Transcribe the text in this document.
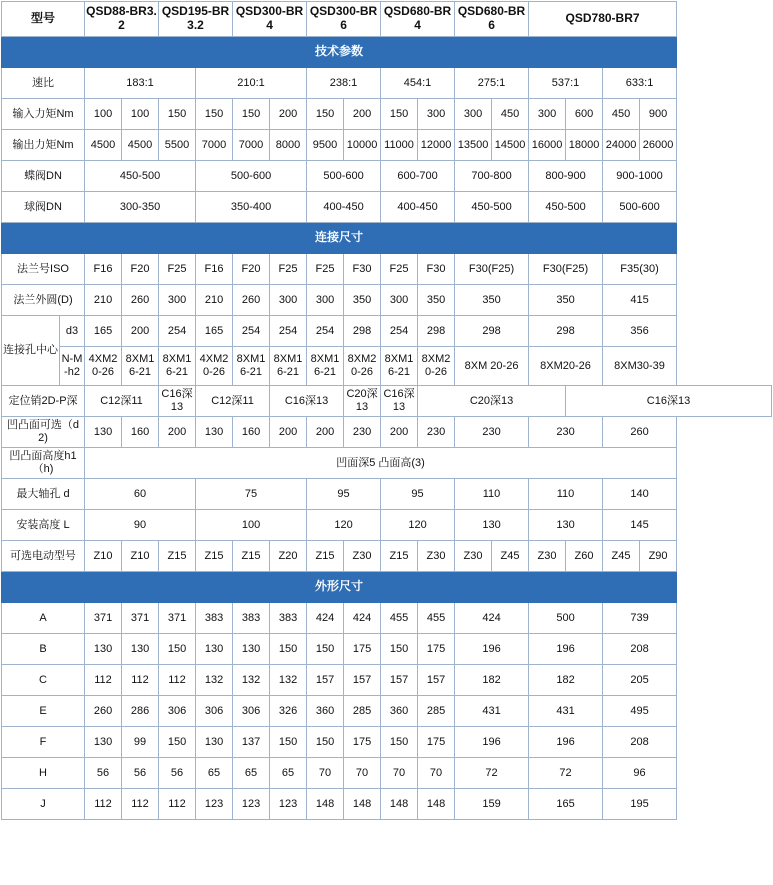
型号		QSD88-BR3.2		QSD195-BR3.2		QSD300-BR4		QSD300-BR6		QSD680-BR4		QSD680-BR6		QSD780-BR7			
技术参数																	
速比		183:1			210:1			238:1		454:1		275:1		537:1		633:1	
输入力矩Nm		100	100	150	150	150	200	150	200	150	300	300	450	300	600	450	900
输出力矩Nm		4500	4500	5500	7000	7000	8000	9500	10000	11000	12000	13500	14500	16000	18000	24000	26000
蝶阀DN		450-500			500-600			500-600		600-700		700-800		800-900		900-1000	
球阀DN		300-350			350-400			400-450		400-450		450-500		450-500		500-600	
连接尺寸																	
法兰号ISO		F16	F20	F25	F16	F20	F25	F25	F30	F25	F30	F30(F25)		F30(F25)		F35(30)	
法兰外圆(D)		210	260	300	210	260	300	300	350	300	350	350		350		415	
连接孔中心	d3	165	200	254	165	254	254	254	298	254	298	298		298		356	
	N-M-h2	4XM20-26	8XM16-21	8XM16-21	4XM20-26	8XM16-21	8XM16-21	8XM16-21	8XM20-26	8XM16-21	8XM20-26	8XM 20-26		8XM20-26		8XM30-39	
定位销2D-P深		C12深11		C16深13	C12深11		C16深13		C20深13	C16深13	C20深13				C16深13		
凹凸面可选（d2)		130	160	200	130	160	200	200	230	200	230	230		230		260	
凹凸面高度h1（h)		凹面深5 凸面高(3)															
最大轴孔 d		60			75			95		95		110		110		140	
安装高度 L		90			100			120		120		130		130		145	
可选电动型号		Z10	Z10	Z15	Z15	Z15	Z20	Z15	Z30	Z15	Z30	Z30	Z45	Z30	Z60	Z45	Z90
外形尺寸																	
A		371	371	371	383	383	383	424	424	455	455	424		500		739	
B		130	130	150	130	130	150	150	175	150	175	196		196		208	
C		112	112	112	132	132	132	157	157	157	157	182		182		205	
E		260	286	306	306	306	326	360	285	360	285	431		431		495	
F		130	99	150	130	137	150	150	175	150	175	196		196		208	
H		56	56	56	65	65	65	70	70	70	70	72		72		96	
J		112	112	112	123	123	123	148	148	148	148	159		165		195	
